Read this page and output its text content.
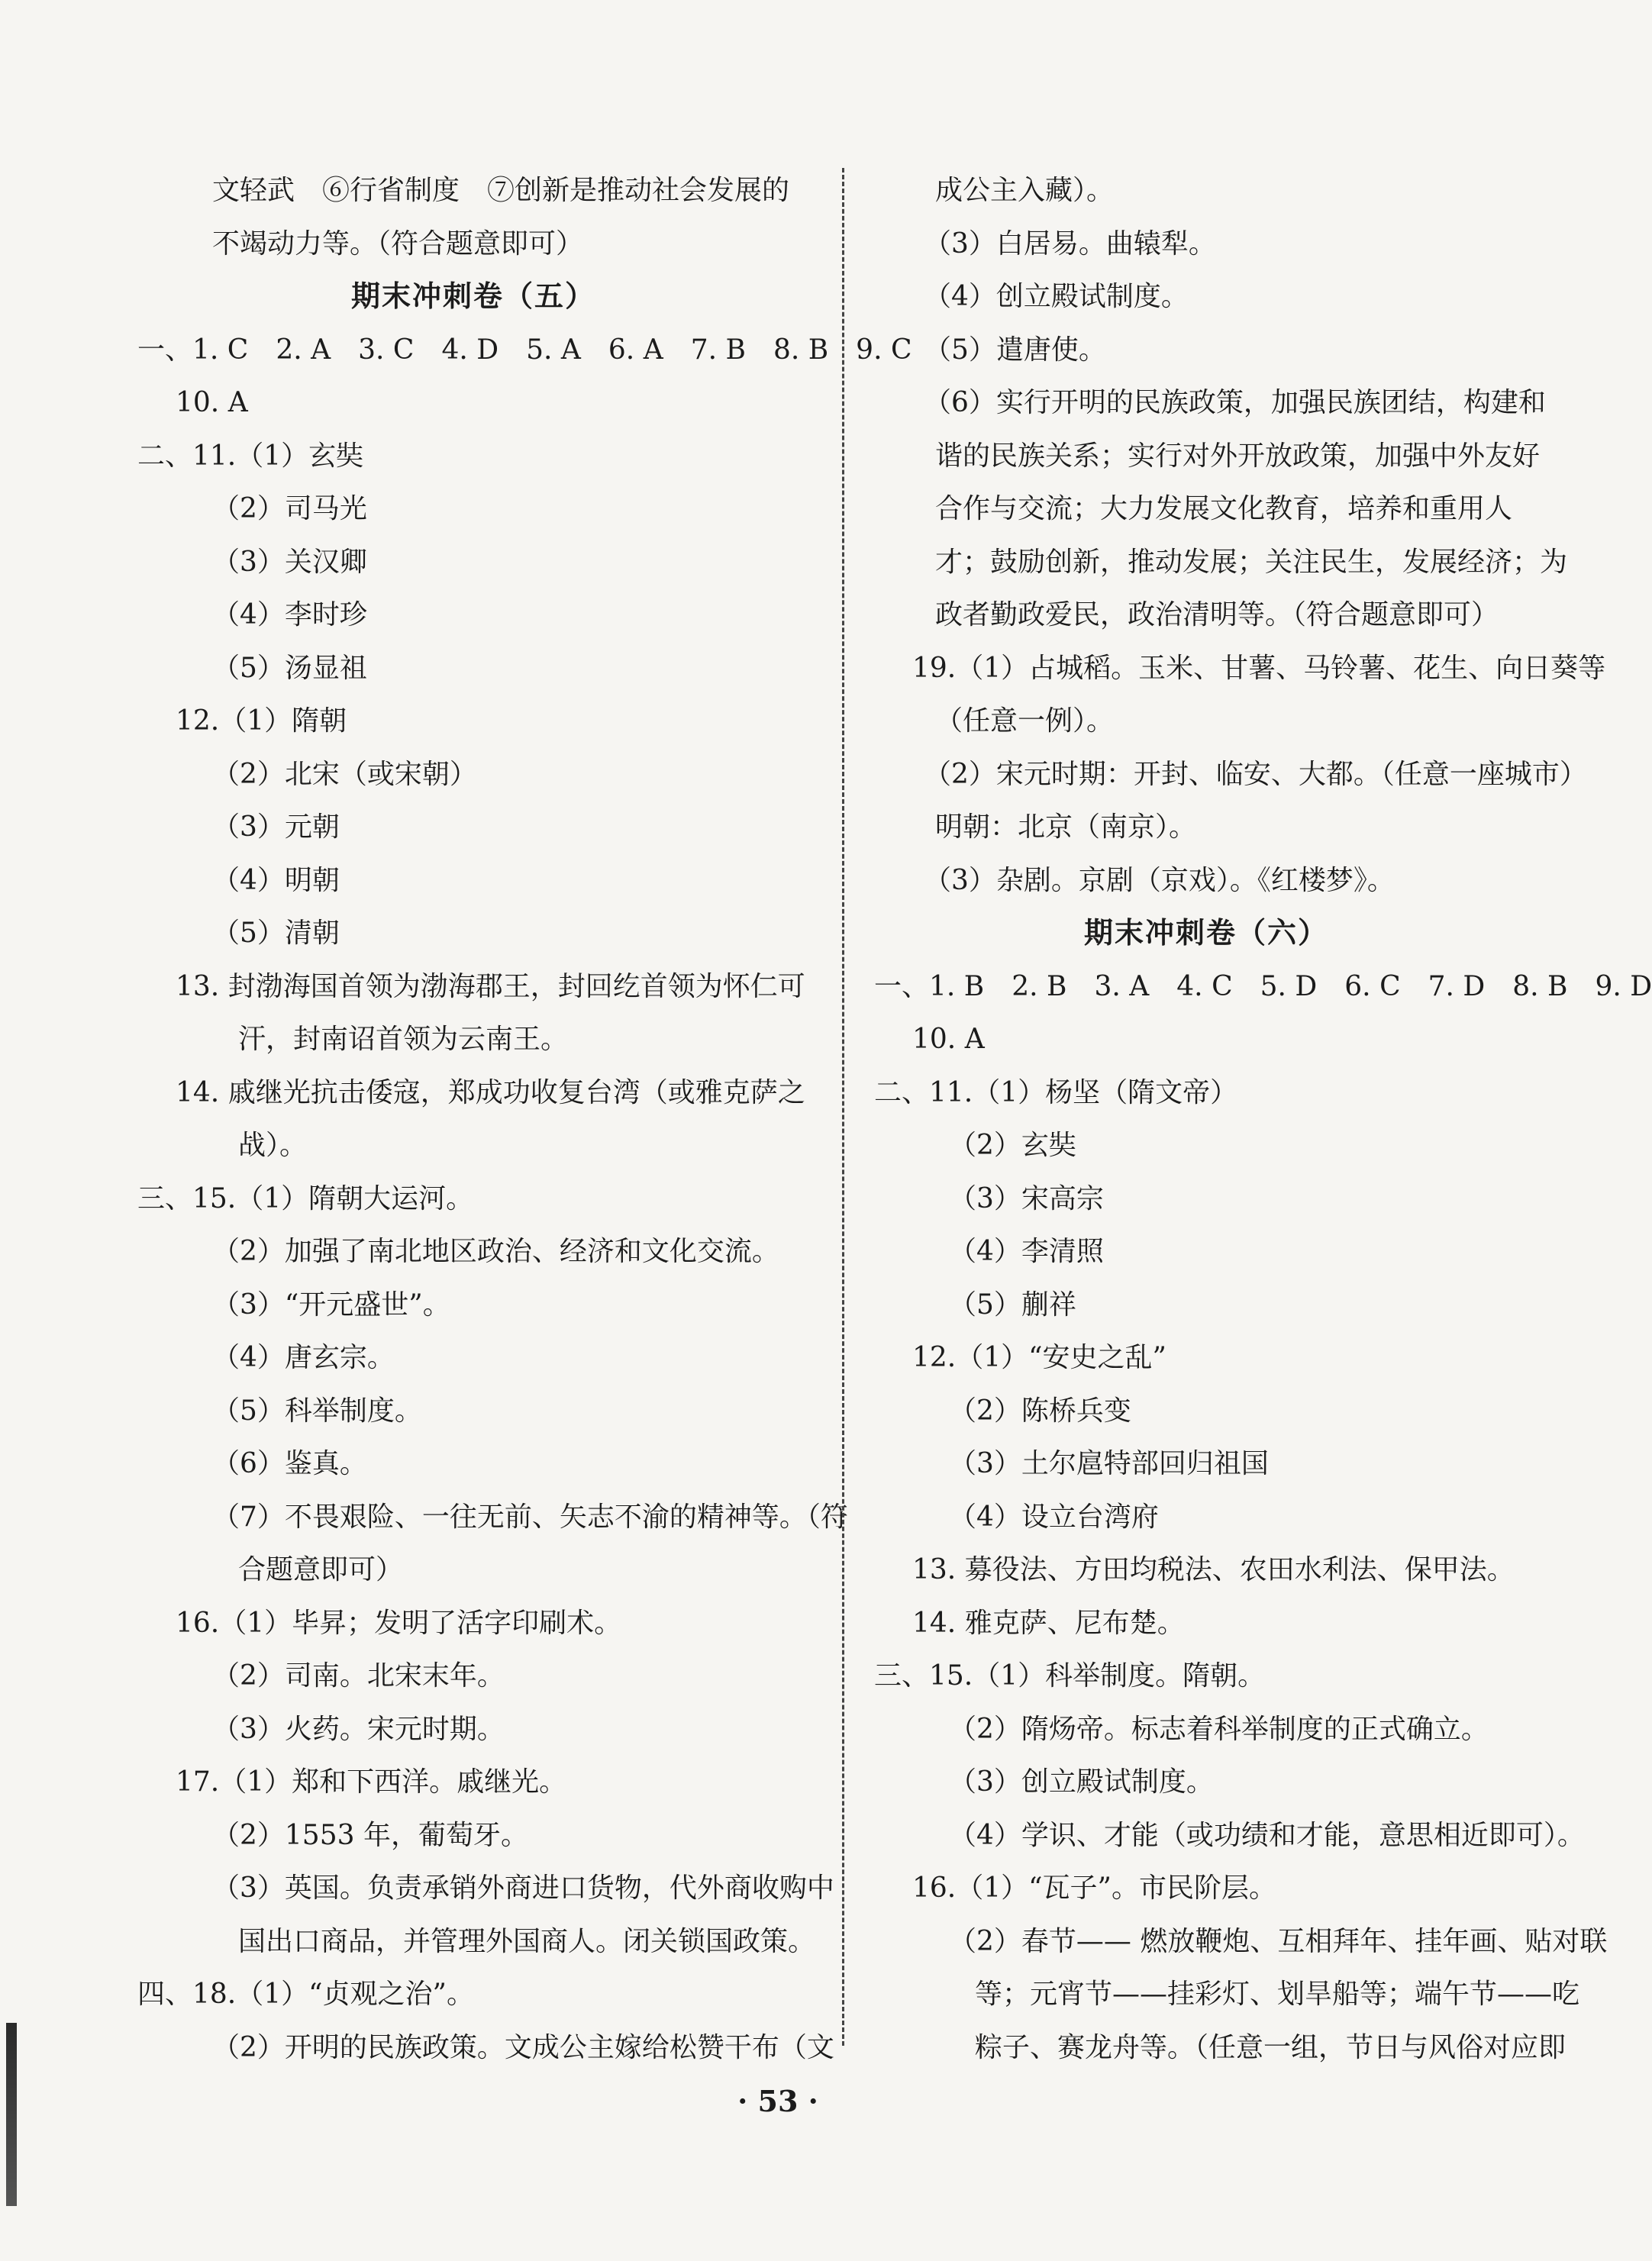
文轻武　⑥行省制度　⑦创新是推动社会发展的
不竭动力等。（符合题意即可）
期末冲刺卷（五）
一、1. C　2. A　3. C　4. D　5. A　6. A　7. B　8. B　9. C
10. A
二、11.（1）玄奘
（2）司马光
（3）关汉卿
（4）李时珍
（5）汤显祖
12.（1）隋朝
（2）北宋（或宋朝）
（3）元朝
（4）明朝
（5）清朝
13. 封渤海国首领为渤海郡王，封回纥首领为怀仁可
汗，封南诏首领为云南王。
14. 戚继光抗击倭寇，郑成功收复台湾（或雅克萨之
战）。
三、15.（1）隋朝大运河。
（2）加强了南北地区政治、经济和文化交流。
（3）“开元盛世”。
（4）唐玄宗。
（5）科举制度。
（6）鉴真。
（7）不畏艰险、一往无前、矢志不渝的精神等。（符
合题意即可）
16.（1）毕昇；发明了活字印刷术。
（2）司南。北宋末年。
（3）火药。宋元时期。
17.（1）郑和下西洋。戚继光。
（2）1553 年，葡萄牙。
（3）英国。负责承销外商进口货物，代外商收购中
国出口商品，并管理外国商人。闭关锁国政策。
四、18.（1）“贞观之治”。
（2）开明的民族政策。文成公主嫁给松赞干布（文
成公主入藏）。
（3）白居易。曲辕犁。
（4）创立殿试制度。
（5）遣唐使。
（6）实行开明的民族政策，加强民族团结，构建和
谐的民族关系；实行对外开放政策，加强中外友好
合作与交流；大力发展文化教育，培养和重用人
才；鼓励创新，推动发展；关注民生，发展经济；为
政者勤政爱民，政治清明等。（符合题意即可）
19.（1）占城稻。玉米、甘薯、马铃薯、花生、向日葵等
（任意一例）。
（2）宋元时期：开封、临安、大都。（任意一座城市）
明朝：北京（南京）。
（3）杂剧。京剧（京戏）。《红楼梦》。
期末冲刺卷（六）
一、1. B　2. B　3. A　4. C　5. D　6. C　7. D　8. B　9. D
10. A
二、11.（1）杨坚（隋文帝）
（2）玄奘
（3）宋高宗
（4）李清照
（5）蒯祥
12.（1）“安史之乱”
（2）陈桥兵变
（3）土尔扈特部回归祖国
（4）设立台湾府
13. 募役法、方田均税法、农田水利法、保甲法。
14. 雅克萨、尼布楚。
三、15.（1）科举制度。隋朝。
（2）隋炀帝。标志着科举制度的正式确立。
（3）创立殿试制度。
（4）学识、才能（或功绩和才能，意思相近即可）。
16.（1）“瓦子”。市民阶层。
（2）春节—— 燃放鞭炮、互相拜年、挂年画、贴对联
等；元宵节——挂彩灯、划旱船等；端午节——吃
粽子、赛龙舟等。（任意一组，节日与风俗对应即
· 53 ·
